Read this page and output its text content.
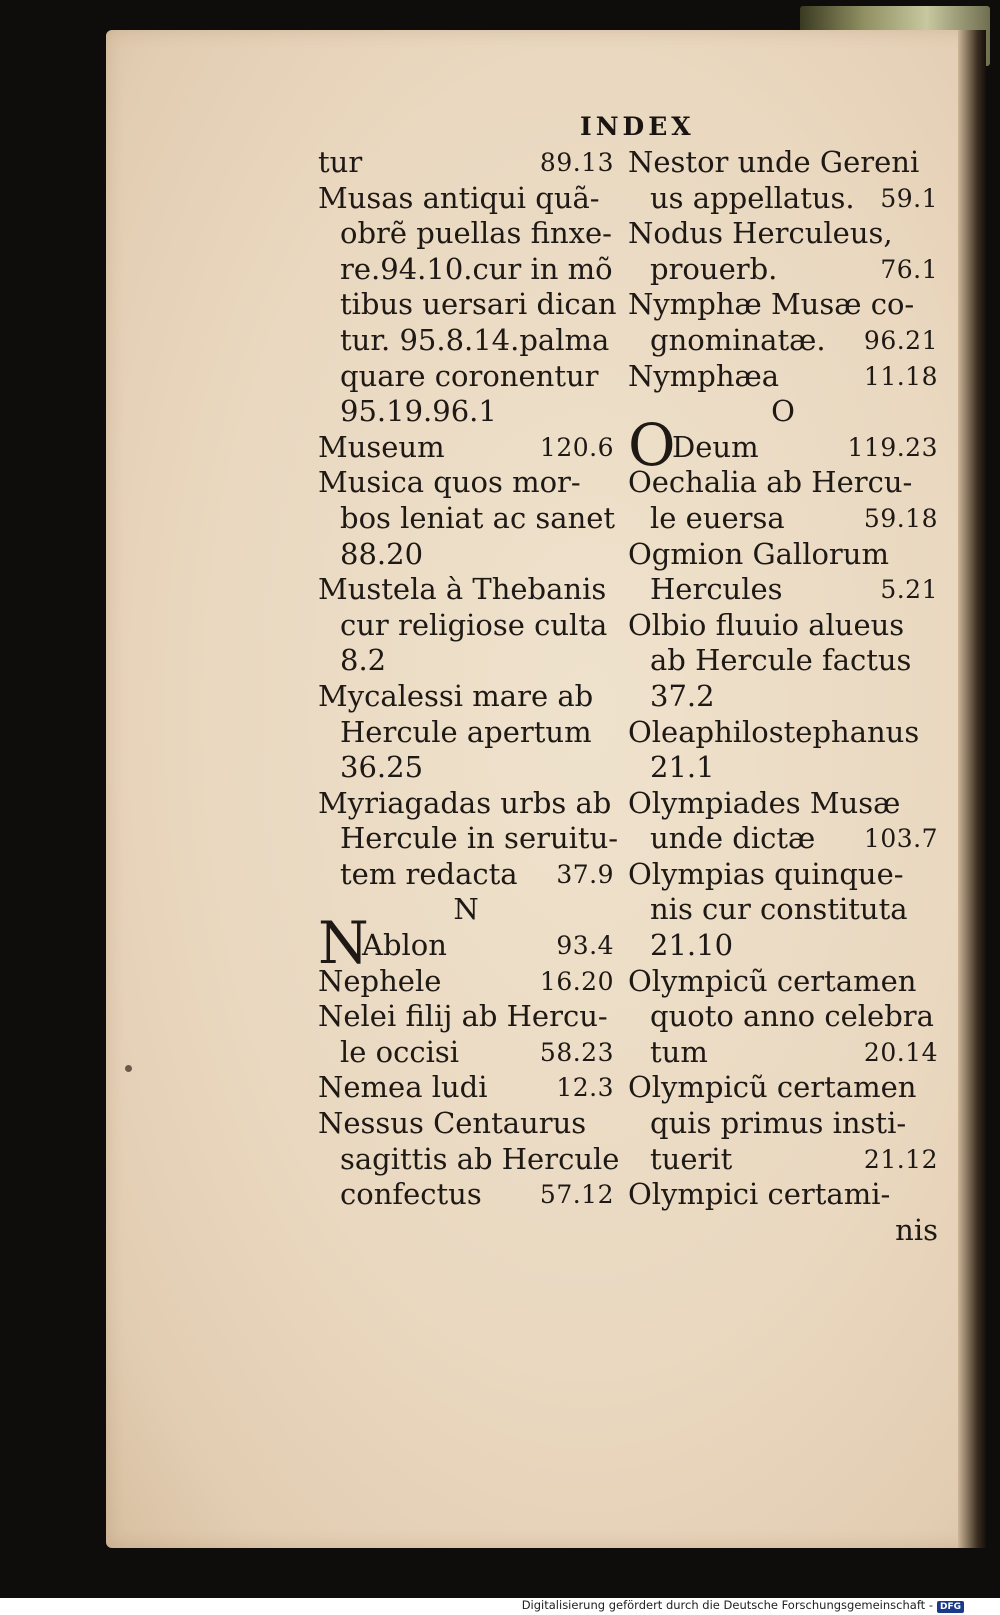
INDEX
tur	89.13
Musas antiqui quã-
obrẽ puellas finxe-
re.94.10.cur in mõ
tibus uersari dican
tur. 95.8.14.palma
quare coronentur
95.19.96.1
Museum	120.6
Musica quos mor-
bos leniat ac sanet
88.20
Mustela à Thebanis
cur religiose culta
8.2
Mycalessi mare ab
Hercule apertum
36.25
Myriagadas urbs ab
Hercule in seruitu-
tem redacta	37.9
N
N
Ablon	93.4
Nephele	16.20
Nelei filij ab Hercu-
le occisi	58.23
Nemea ludi	12.3
Nessus Centaurus
sagittis ab Hercule
confectus	57.12
Nestor unde Gereni
us appellatus.	59.1
Nodus Herculeus,
prouerb.	76.1
Nymphæ Musæ co-
gnominatæ.	96.21
Nymphæa	11.18
O
O
Deum	119.23
Oechalia ab Hercu-
le euersa	59.18
Ogmion Gallorum
Hercules	5.21
Olbio fluuio alueus
ab Hercule factus
37.2
Oleaphilostephanus
21.1
Olympiades Musæ
unde dictæ	103.7
Olympias quinque-
nis cur constituta
21.10
Olympicũ certamen
quoto anno celebra
tum	20.14
Olympicũ certamen
quis primus insti-
tuerit	21.12
Olympici certami-
nis
Digitalisierung gefördert durch die Deutsche Forschungsgemeinschaft - DFG
